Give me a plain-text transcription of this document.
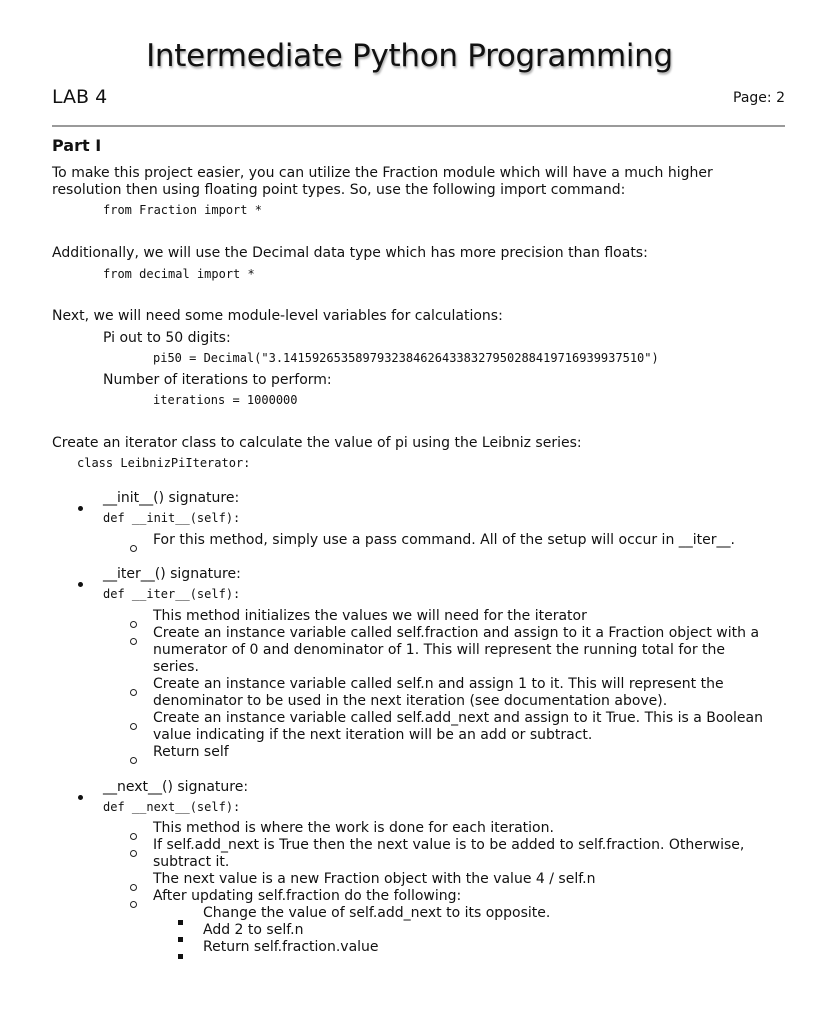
Intermediate Python Programming
LAB 4	Page: 2
Part I
To make this project easier, you can utilize the Fraction module which will have a much higher
resolution then using floating point types. So, use the following import command:
from Fraction import *
Additionally, we will use the Decimal data type which has more precision than floats:
from decimal import *
Next, we will need some module-level variables for calculations:
Pi out to 50 digits:
pi50 = Decimal("3.14159265358979323846264338327950288419716939937510")
Number of iterations to perform:
iterations = 1000000
Create an iterator class to calculate the value of pi using the Leibniz series:
class LeibnizPiIterator:
__init__() signature:
def __init__(self):
For this method, simply use a pass command. All of the setup will occur in __iter__.
__iter__() signature:
def __iter__(self):
This method initializes the values we will need for the iterator
Create an instance variable called self.fraction and assign to it a Fraction object with a
numerator of 0 and denominator of 1. This will represent the running total for the
series.
Create an instance variable called self.n and assign 1 to it. This will represent the
denominator to be used in the next iteration (see documentation above).
Create an instance variable called self.add_next and assign to it True. This is a Boolean
value indicating if the next iteration will be an add or subtract.
Return self
__next__() signature:
def __next__(self):
This method is where the work is done for each iteration.
If self.add_next is True then the next value is to be added to self.fraction. Otherwise,
subtract it.
The next value is a new Fraction object with the value 4 / self.n
After updating self.fraction do the following:
Change the value of self.add_next to its opposite.
Add 2 to self.n
Return self.fraction.value
